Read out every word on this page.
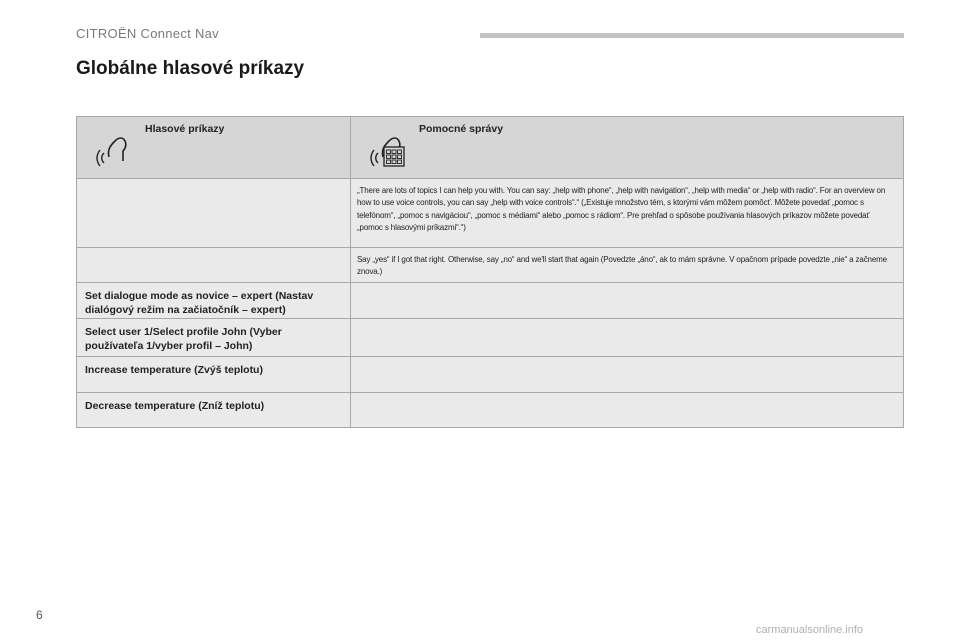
CITROËN Connect Nav
Globálne hlasové príkazy
Hlasové príkazy	Pomocné správy
„There are lots of topics I can help you with. You can say: „help with phone“, „help with navigation“, „help with media“ or „help with radio“. For an overview on how to use voice controls, you can say „help with voice controls“.“ („Existuje množstvo tém, s ktorými vám môžem pomôcť. Môžete povedať „pomoc s telefónom“, „pomoc s navigáciou“, „pomoc s médiami“ alebo „pomoc s rádiom“. Pre prehľad o spôsobe používania hlasových príkazov môžete povedať „pomoc s hlasovými príkazmi“.“)
Say „yes“ if I got that right. Otherwise, say „no“ and we'll start that again (Povedzte „áno“, ak to mám správne. V opačnom prípade povedzte „nie“ a začneme znova.)
Set dialogue mode as novice – expert (Nastav dialógový režim na začiatočník – expert)
Select user 1/Select profile John (Vyber používateľa 1/vyber profil – John)
Increase temperature (Zvýš teplotu)
Decrease temperature (Zníž teplotu)
6
carmanualsonline.info
